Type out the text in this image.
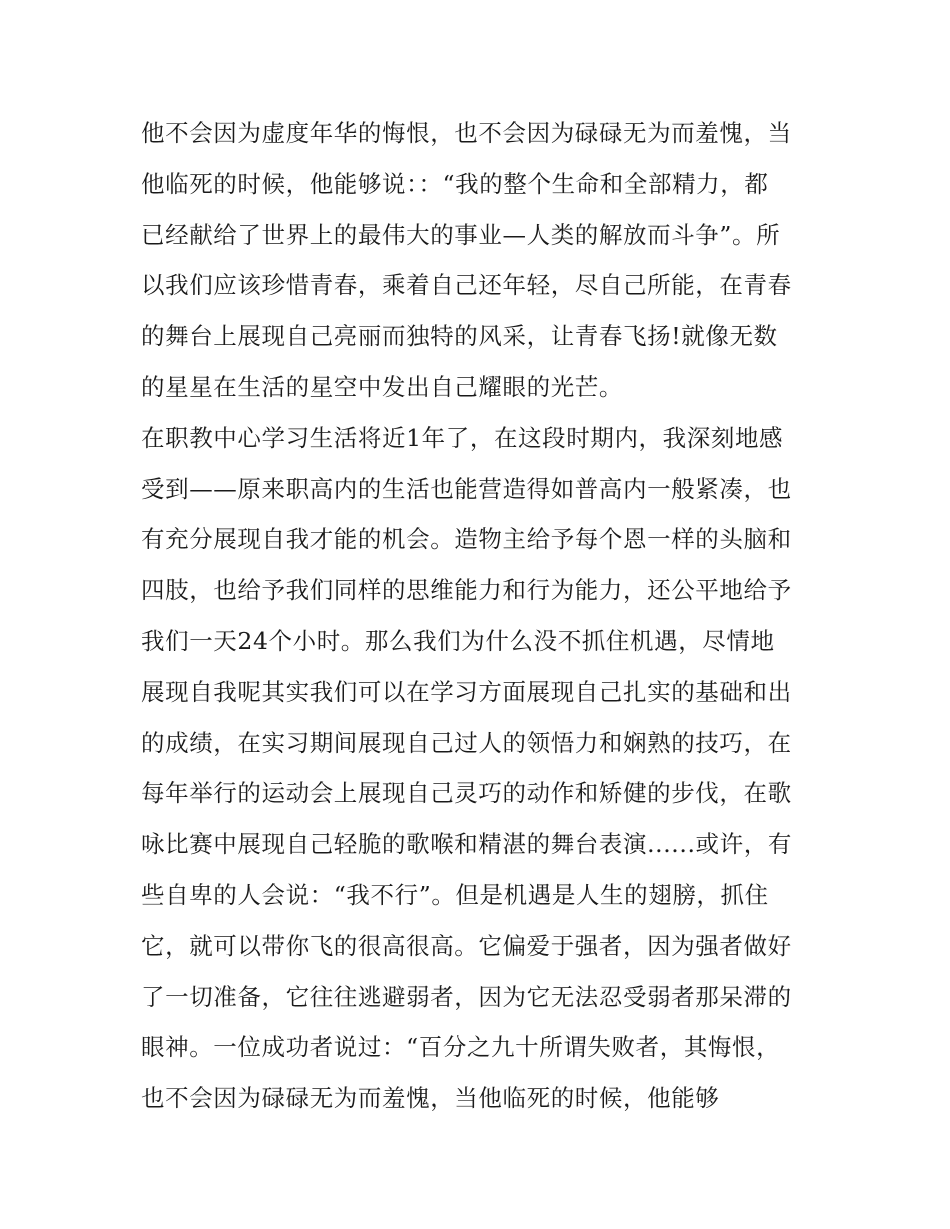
他不会因为虚度年华的悔恨，也不会因为碌碌无为而羞愧，当
他临死的时候，他能够说：：“我的整个生命和全部精力，都
已经献给了世界上的最伟大的事业—人类的解放而斗争”。所
以我们应该珍惜青春，乘着自己还年轻，尽自己所能，在青春
的舞台上展现自己亮丽而独特的风采，让青春飞扬!就像无数
的星星在生活的星空中发出自己耀眼的光芒。
在职教中心学习生活将近1年了，在这段时期内，我深刻地感
受到——原来职高内的生活也能营造得如普高内一般紧凑，也
有充分展现自我才能的机会。造物主给予每个恩一样的头脑和
四肢，也给予我们同样的思维能力和行为能力，还公平地给予
我们一天24个小时。那么我们为什么没不抓住机遇，尽情地
展现自我呢其实我们可以在学习方面展现自己扎实的基础和出
的成绩，在实习期间展现自己过人的领悟力和娴熟的技巧，在
每年举行的运动会上展现自己灵巧的动作和矫健的步伐，在歌
咏比赛中展现自己轻脆的歌喉和精湛的舞台表演......或许，有
些自卑的人会说：“我不行”。但是机遇是人生的翅膀，抓住
它，就可以带你飞的很高很高。它偏爱于强者，因为强者做好
了一切准备，它往往逃避弱者，因为它无法忍受弱者那呆滞的
眼神。一位成功者说过：“百分之九十所谓失败者，其悔恨，
也不会因为碌碌无为而羞愧，当他临死的时候，他能够
